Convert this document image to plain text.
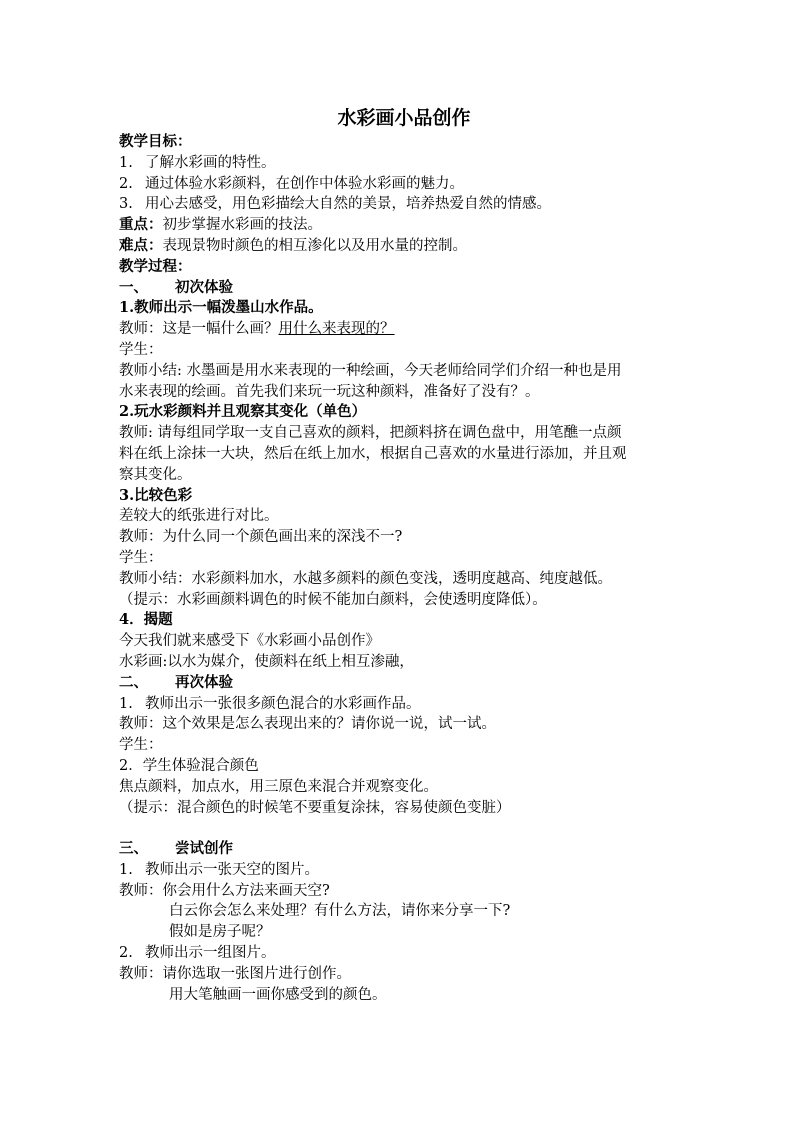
水彩画小品创作
教学目标：
1. 了解水彩画的特性。
2. 通过体验水彩颜料，在创作中体验水彩画的魅力。
3. 用心去感受，用色彩描绘大自然的美景，培养热爱自然的情感。
重点：初步掌握水彩画的技法。
难点：表现景物时颜色的相互渗化以及用水量的控制。
教学过程：
一、 初次体验
1.教师出示一幅泼墨山水作品。
教师：这是一幅什么画？用什么来表现的？
学生：
教师小结: 水墨画是用水来表现的一种绘画，今天老师给同学们介绍一种也是用
水来表现的绘画。首先我们来玩一玩这种颜料，准备好了没有？。
2.玩水彩颜料并且观察其变化（单色）
教师: 请每组同学取一支自己喜欢的颜料，把颜料挤在调色盘中，用笔醮一点颜
料在纸上涂抹一大块，然后在纸上加水，根据自己喜欢的水量进行添加，并且观
察其变化。
3.比较色彩
差较大的纸张进行对比。
教师：为什么同一个颜色画出来的深浅不一?
学生：
教师小结：水彩颜料加水，水越多颜料的颜色变浅，透明度越高、纯度越低。
（提示：水彩画颜料调色的时候不能加白颜料，会使透明度降低）。
4．揭题
今天我们就来感受下《水彩画小品创作》
水彩画:以水为媒介，使颜料在纸上相互渗融，
二、 再次体验
1. 教师出示一张很多颜色混合的水彩画作品。
教师：这个效果是怎么表现出来的？请你说一说，试一试。
学生：
2．学生体验混合颜色
焦点颜料，加点水，用三原色来混合并观察变化。
（提示：混合颜色的时候笔不要重复涂抹，容易使颜色变脏）
三、 尝试创作
1. 教师出示一张天空的图片。
教师：你会用什么方法来画天空?
白云你会怎么来处理？有什么方法，请你来分享一下?
假如是房子呢？
2. 教师出示一组图片。
教师：请你选取一张图片进行创作。
用大笔触画一画你感受到的颜色。
